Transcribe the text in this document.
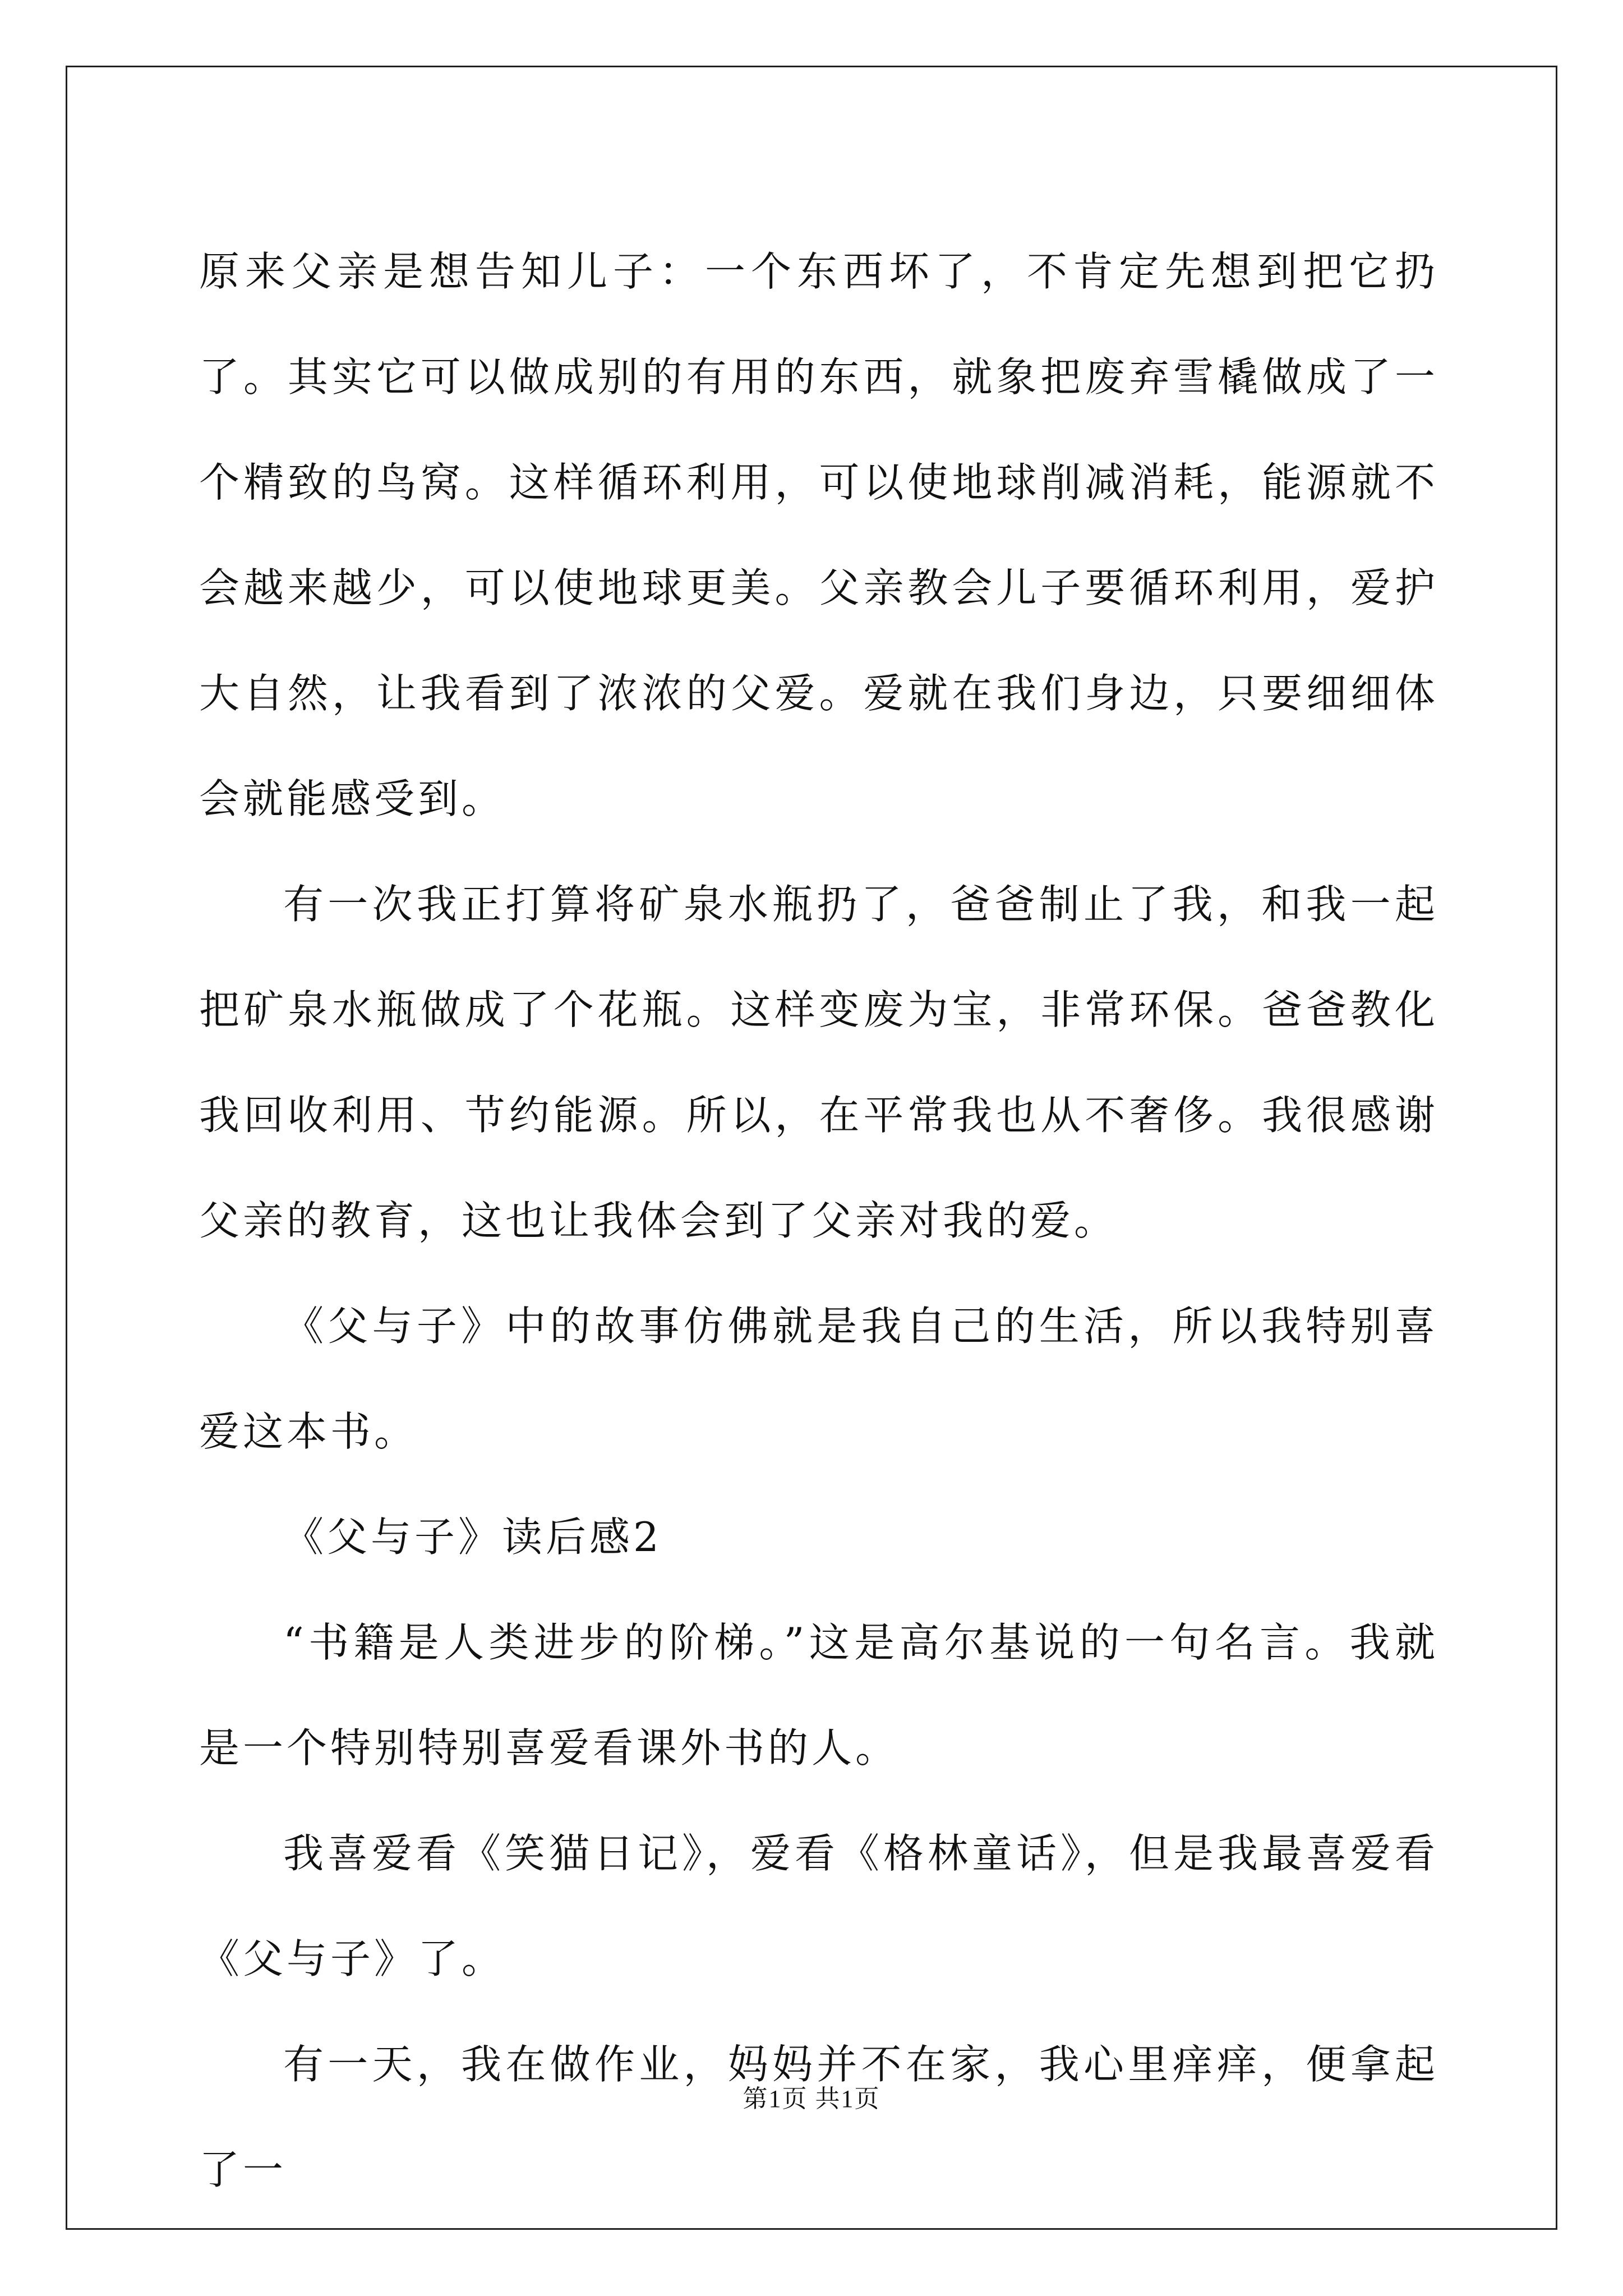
原来父亲是想告知儿子：一个东西坏了，不肯定先想到把它扔了。其实它可以做成别的有用的东西，就象把废弃雪橇做成了一个精致的鸟窝。这样循环利用，可以使地球削减消耗，能源就不会越来越少，可以使地球更美。父亲教会儿子要循环利用，爱护大自然，让我看到了浓浓的父爱。爱就在我们身边，只要细细体会就能感受到。

有一次我正打算将矿泉水瓶扔了，爸爸制止了我，和我一起把矿泉水瓶做成了个花瓶。这样变废为宝，非常环保。爸爸教化我回收利用、节约能源。所以，在平常我也从不奢侈。我很感谢父亲的教育，这也让我体会到了父亲对我的爱。

《父与子》中的故事仿佛就是我自己的生活，所以我特别喜爱这本书。

《父与子》读后感2

“书籍是人类进步的阶梯。”这是高尔基说的一句名言。我就是一个特别特别喜爱看课外书的人。

我喜爱看《笑猫日记》，爱看《格林童话》，但是我最喜爱看《父与子》了。

有一天，我在做作业，妈妈并不在家，我心里痒痒，便拿起了一

第1页 共1页
